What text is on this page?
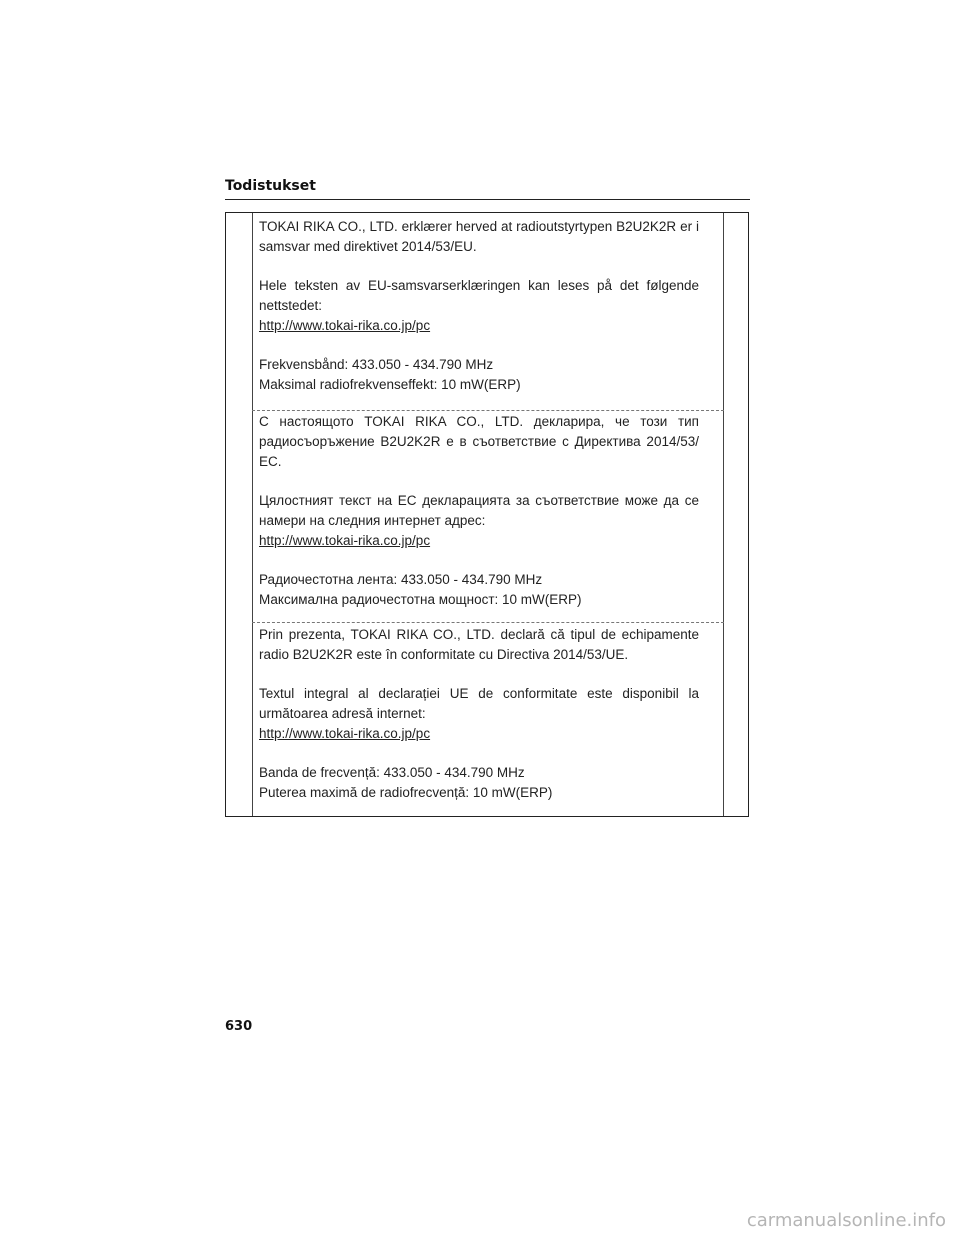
Todistukset

TOKAI RIKA CO., LTD. erklærer herved at radioutstyrtypen B2U2K2R er i samsvar med direktivet 2014/53/EU.

Hele teksten av EU-samsvarserklæringen kan leses på det følgende nettstedet:
http://www.tokai-rika.co.jp/pc

Frekvensbånd: 433.050 - 434.790 MHz
Maksimal radiofrekvenseffekt: 10 mW(ERP)

С настоящото TOKAI RIKA CO., LTD. декларира, че този тип радиосъоръжение B2U2K2R е в съответствие с Директива 2014/53/ЕС.

Цялостният текст на ЕС декларацията за съответствие може да се намери на следния интернет адрес:
http://www.tokai-rika.co.jp/pc

Радиочестотна лента: 433.050 - 434.790 MHz
Максимална радиочестотна мощност: 10 mW(ERP)

Prin prezenta, TOKAI RIKA CO., LTD. declară că tipul de echipamente radio B2U2K2R este în conformitate cu Directiva 2014/53/UE.

Textul integral al declarației UE de conformitate este disponibil la următoarea adresă internet:
http://www.tokai-rika.co.jp/pc

Banda de frecvență: 433.050 - 434.790 MHz
Puterea maximă de radiofrecvență: 10 mW(ERP)

630
carmanualsonline.info
